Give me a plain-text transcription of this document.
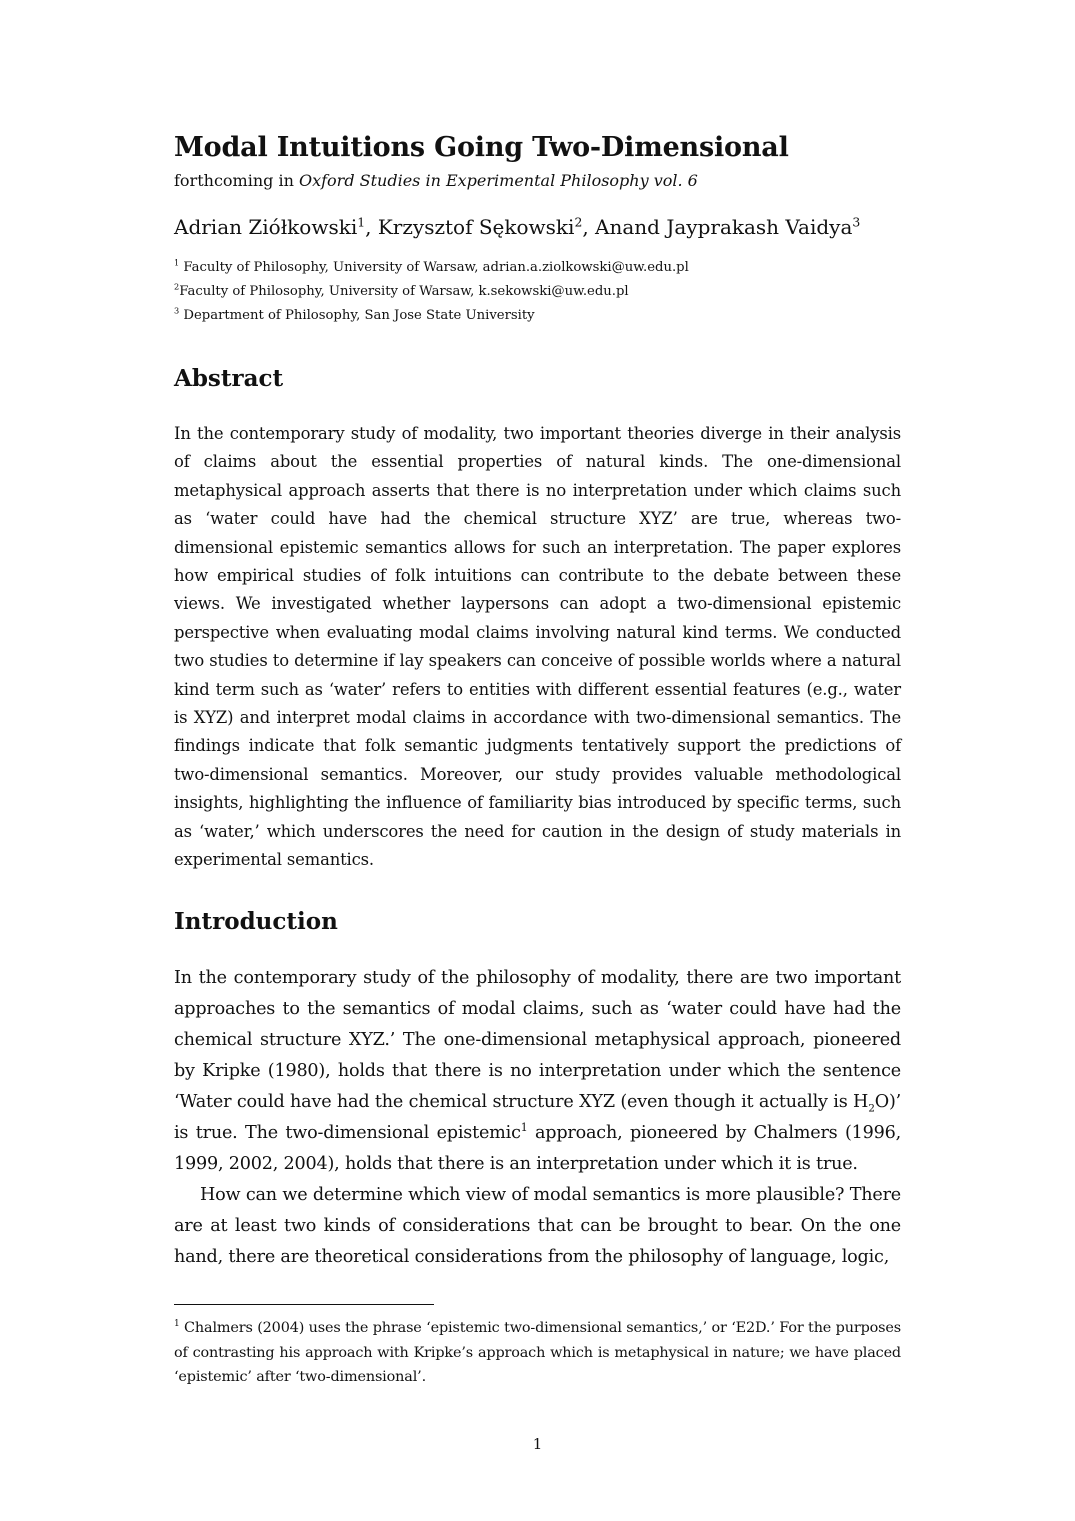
Modal Intuitions Going Two-Dimensional

forthcoming in Oxford Studies in Experimental Philosophy vol. 6

Adrian Ziółkowski$^1$, Krzysztof Sękowski$^2$, Anand Jayprakash Vaidya$^3$

$^1$ Faculty of Philosophy, University of Warsaw, adrian.a.ziolkowski@uw.edu.pl

$^2$Faculty of Philosophy, University of Warsaw, k.sekowski@uw.edu.pl

$^3$ Department of Philosophy, San Jose State University

Abstract

In the contemporary study of modality, two important theories diverge in their analysis of claims about the essential properties of natural kinds. The one-dimensional metaphysical approach asserts that there is no interpretation under which claims such as ‘water could have had the chemical structure XYZ’ are true, whereas two-dimensional epistemic semantics allows for such an interpretation. The paper explores how empirical studies of folk intuitions can contribute to the debate between these views. We investigated whether laypersons can adopt a two-dimensional epistemic perspective when evaluating modal claims involving natural kind terms. We conducted two studies to determine if lay speakers can conceive of possible worlds where a natural kind term such as ‘water’ refers to entities with different essential features (e.g., water is XYZ) and interpret modal claims in accordance with two-dimensional semantics. The findings indicate that folk semantic judgments tentatively support the predictions of two-dimensional semantics. Moreover, our study provides valuable methodological insights, highlighting the influence of familiarity bias introduced by specific terms, such as ‘water,’ which underscores the need for caution in the design of study materials in experimental semantics.

Introduction

In the contemporary study of the philosophy of modality, there are two important approaches to the semantics of modal claims, such as ‘water could have had the chemical structure XYZ.’ The one-dimensional metaphysical approach, pioneered by Kripke (1980), holds that there is no interpretation under which the sentence ‘Water could have had the chemical structure XYZ (even though it actually is $H_2O$)’ is true. The two-dimensional epistemic$^1$ approach, pioneered by Chalmers (1996, 1999, 2002, 2004), holds that there is an interpretation under which it is true.

How can we determine which view of modal semantics is more plausible? There are at least two kinds of considerations that can be brought to bear. On the one hand, there are theoretical considerations from the philosophy of language, logic,

$^1$ Chalmers (2004) uses the phrase ‘epistemic two-dimensional semantics,’ or ‘E2D.’ For the purposes of contrasting his approach with Kripke’s approach which is metaphysical in nature; we have placed ‘epistemic’ after ‘two-dimensional’.

1
